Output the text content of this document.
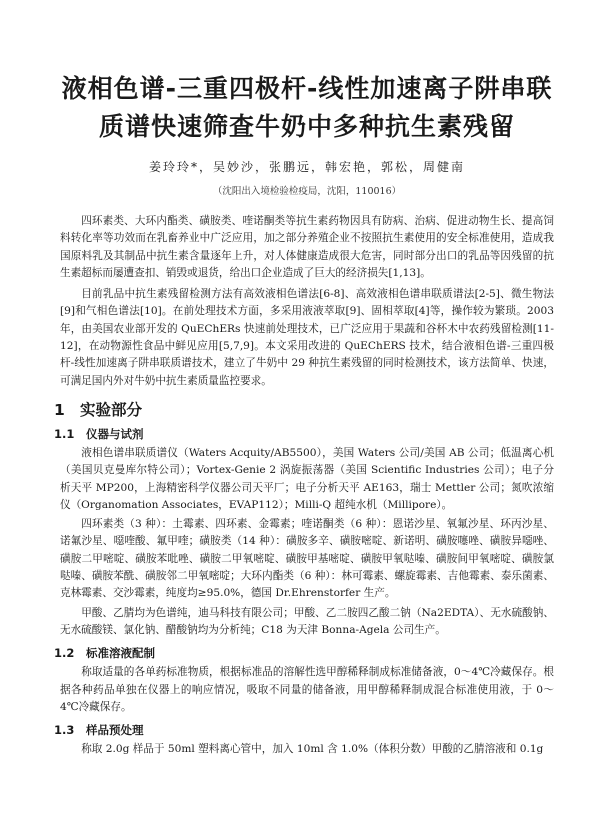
液相色谱-三重四极杆-线性加速离子阱串联
质谱快速筛查牛奶中多种抗生素残留
姜玲玲*，吴妙沙，张鹏远，韩宏艳，郭松，周健南
（沈阳出入境检验检疫局，沈阳，110016）

四环素类、大环内酯类、磺胺类、喹诺酮类等抗生素药物因具有防病、治病、促进动物生长、提高饲料转化率等功效而在乳畜养业中广泛应用，加之部分养殖企业不按照抗生素使用的安全标准使用，造成我国原料乳及其制品中抗生素含量逐年上升，对人体健康造成很大危害，同时部分出口的乳品等因残留的抗生素超标而屡遭查扣、销毁或退货，给出口企业造成了巨大的经济损失[1,13]。

目前乳品中抗生素残留检测方法有高效液相色谱法[6-8]、高效液相色谱串联质谱法[2-5]、微生物法[9]和气相色谱法[10]。在前处理技术方面，多采用液液萃取[9]、固相萃取[4]等，操作较为繁琐。2003年，由美国农业部开发的 QuEChERs 快速前处理技术，已广泛应用于果蔬和谷杯木中农药残留检测[11-12]，在动物源性食品中鲜见应用[5,7,9]。本文采用改进的 QuEChERS 技术，结合液相色谱-三重四极杆-线性加速离子阱串联质谱技术，建立了牛奶中 29 种抗生素残留的同时检测技术，该方法简单、快速，可满足国内外对牛奶中抗生素质量监控要求。

1 实验部分
1.1 仪器与试剂

液相色谱串联质谱仪（Waters Acquity/AB5500），美国 Waters 公司/美国 AB 公司；低温离心机（美国贝克曼库尔特公司）；Vortex-Genie 2 涡旋振荡器（美国 Scientific Industries 公司）；电子分析天平 MP200，上海精密科学仪器公司天平厂；电子分析天平 AE163，瑞士 Mettler 公司；氮吹浓缩仪（Organomation Associates，EVAP112）；Milli-Q 超纯水机（Millipore）。

四环素类（3 种）：土霉素、四环素、金霉素；喹诺酮类（6 种）：恩诺沙星、氧氟沙星、环丙沙星、诺氟沙星、噁喹酸、氟甲喹；磺胺类（14 种）：磺胺多辛、磺胺嘧啶、新诺明、磺胺噻唑、磺胺异噁唑、磺胺二甲嘧啶、磺胺苯吡唑、磺胺二甲氧嘧啶、磺胺甲基嘧啶、磺胺甲氧哒嗪、磺胺间甲氧嘧啶、磺胺氯哒嗪、磺胺苯酰、磺胺邻二甲氧嘧啶；大环内酯类（6 种）：林可霉素、螺旋霉素、吉他霉素、泰乐菌素、克林霉素、交沙霉素，纯度均≥95.0%，德国 Dr.Ehrenstorfer 生产。

甲酸、乙腈均为色谱纯，迪马科技有限公司；甲酸、乙二胺四乙酸二钠（Na2EDTA）、无水硫酸钠、无水硫酸镁、氯化钠、醋酸钠均为分析纯；C18 为天津 Bonna-Agela 公司生产。

1.2 标准溶液配制

称取适量的各单药标准物质，根据标准品的溶解性选甲醇稀释制成标准储备液，0～4℃冷藏保存。根据各种药品单独在仪器上的响应情况，吸取不同量的储备液，用甲醇稀释制成混合标准使用液，于 0～4℃冷藏保存。

1.3 样品预处理

称取 2.0g 样品于 50ml 塑料离心管中，加入 10ml 含 1.0%（体积分数）甲酸的乙腈溶液和 0.1g
